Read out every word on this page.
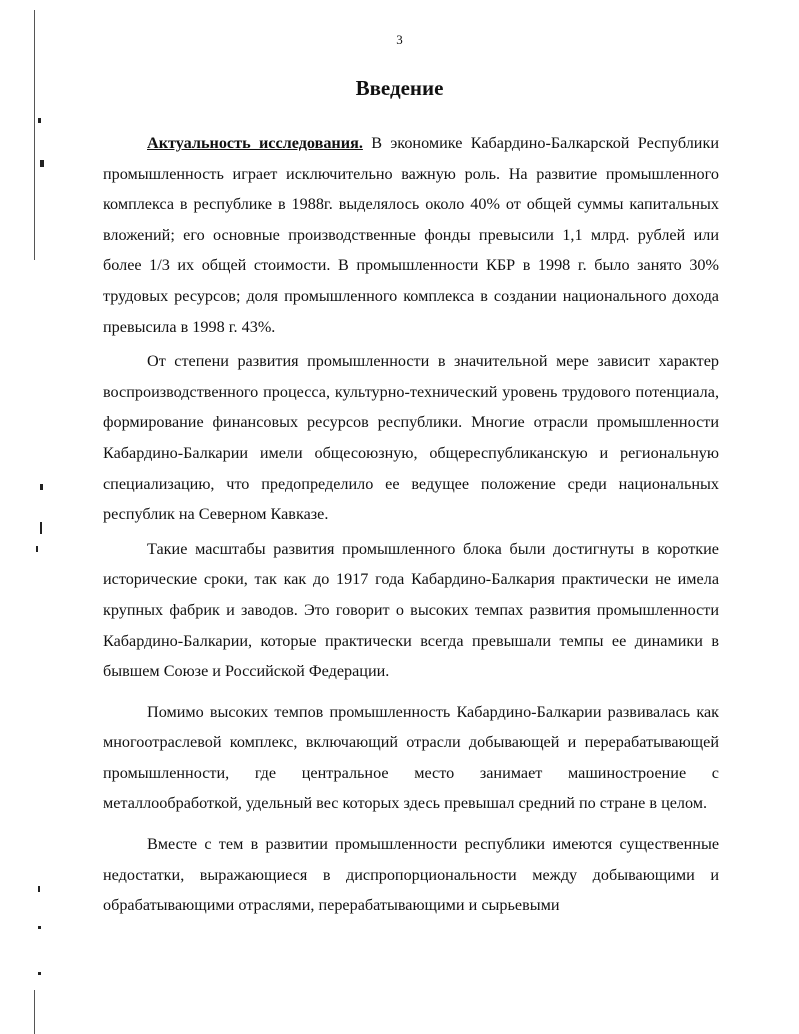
3
Введение

Актуальность исследования. В экономике Кабардино-Балкарской Республики промышленность играет исключительно важную роль. На развитие промышленного комплекса в республике в 1988г. выделялось около 40% от общей суммы капитальных вложений; его основные производственные фонды превысили 1,1 млрд. рублей или более 1/3 их общей стоимости. В промышленности КБР в 1998 г. было занято 30% трудовых ресурсов; доля промышленного комплекса в создании национального дохода превысила в 1998 г. 43%.

От степени развития промышленности в значительной мере зависит характер воспроизводственного процесса, культурно-технический уровень трудового потенциала, формирование финансовых ресурсов республики. Многие отрасли промышленности Кабардино-Балкарии имели общесоюзную, общереспубликанскую и региональную специализацию, что предопределило ее ведущее положение среди национальных республик на Северном Кавказе.

Такие масштабы развития промышленного блока были достигнуты в короткие исторические сроки, так как до 1917 года Кабардино-Балкария практически не имела крупных фабрик и заводов. Это говорит о высоких темпах развития промышленности Кабардино-Балкарии, которые практически всегда превышали темпы ее динамики в бывшем Союзе и Российской Федерации.

Помимо высоких темпов промышленность Кабардино-Балкарии развивалась как многоотраслевой комплекс, включающий отрасли добывающей и перерабатывающей промышленности, где центральное место занимает машиностроение с металлообработкой, удельный вес которых здесь превышал средний по стране в целом.

Вместе с тем в развитии промышленности республики имеются существенные недостатки, выражающиеся в диспропорциональности между добывающими и обрабатывающими отраслями, перерабатывающими и сырьевыми
